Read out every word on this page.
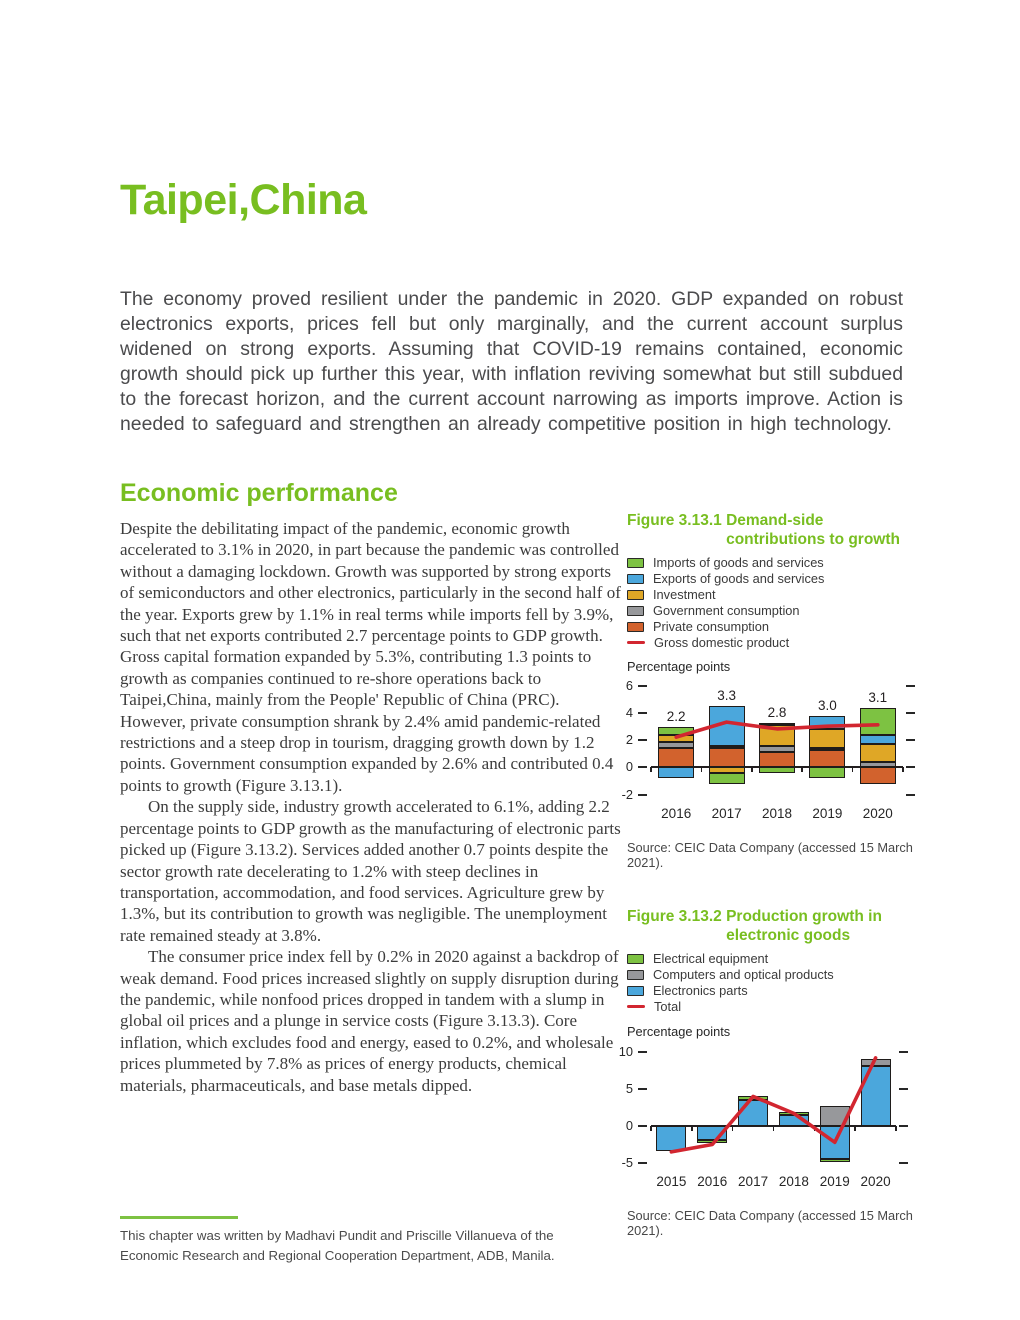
Taipei,China

The economy proved resilient under the pandemic in 2020. GDP expanded on robust electronics exports, prices fell but only marginally, and the current account surplus widened on strong exports. Assuming that COVID-19 remains contained, economic growth should pick up further this year, with inflation reviving somewhat but still subdued to the forecast horizon, and the current account narrowing as imports improve. Action is needed to safeguard and strengthen an already competitive position in high technology.

Economic performance

Despite the debilitating impact of the pandemic, economic growth accelerated to 3.1% in 2020, in part because the pandemic was controlled without a damaging lockdown. Growth was supported by strong exports of semiconductors and other electronics, particularly in the second half of the year. Exports grew by 1.1% in real terms while imports fell by 3.9%, such that net exports contributed 2.7 percentage points to GDP growth. Gross capital formation expanded by 5.3%, contributing 1.3 points to growth as companies continued to re-shore operations back to Taipei,China, mainly from the People' Republic of China (PRC). However, private consumption shrank by 2.4% amid pandemic-related restrictions and a steep drop in tourism, dragging growth down by 1.2 points. Government consumption expanded by 2.6% and contributed 0.4 points to growth (Figure 3.13.1).

On the supply side, industry growth accelerated to 6.1%, adding 2.2 percentage points to GDP growth as the manufacturing of electronic parts picked up (Figure 3.13.2). Services added another 0.7 points despite the sector growth rate decelerating to 1.2% with steep declines in transportation, accommodation, and food services. Agriculture grew by 1.3%, but its contribution to growth was negligible. The unemployment rate remained steady at 3.8%.

The consumer price index fell by 0.2% in 2020 against a backdrop of weak demand. Food prices increased slightly on supply disruption during the pandemic, while nonfood prices dropped in tandem with a slump in global oil prices and a plunge in service costs (Figure 3.13.3). Core inflation, which excludes food and energy, eased to 0.2%, and wholesale prices plummeted by 7.8% as prices of energy products, chemical materials, pharmaceuticals, and base metals dipped.

Figure 3.13.1 Demand-side contributions to growth
Imports of goods and services
Exports of goods and services
Investment
Government consumption
Private consumption
Gross domestic product
Percentage points
6
4
2
0
-2
2.2
2016
3.3
2017
2.8
2018
3.0
2019
3.1
2020
Source: CEIC Data Company (accessed 15 March 2021).
Figure 3.13.2 Production growth in electronic goods
Electrical equipment
Computers and optical products
Electronics parts
Total
Percentage points
10
5
0
-5
2015 2016 2017 2018 2019 2020
Source: CEIC Data Company (accessed 15 March 2021).
This chapter was written by Madhavi Pundit and Priscille Villanueva of the Economic Research and Regional Cooperation Department, ADB, Manila.
